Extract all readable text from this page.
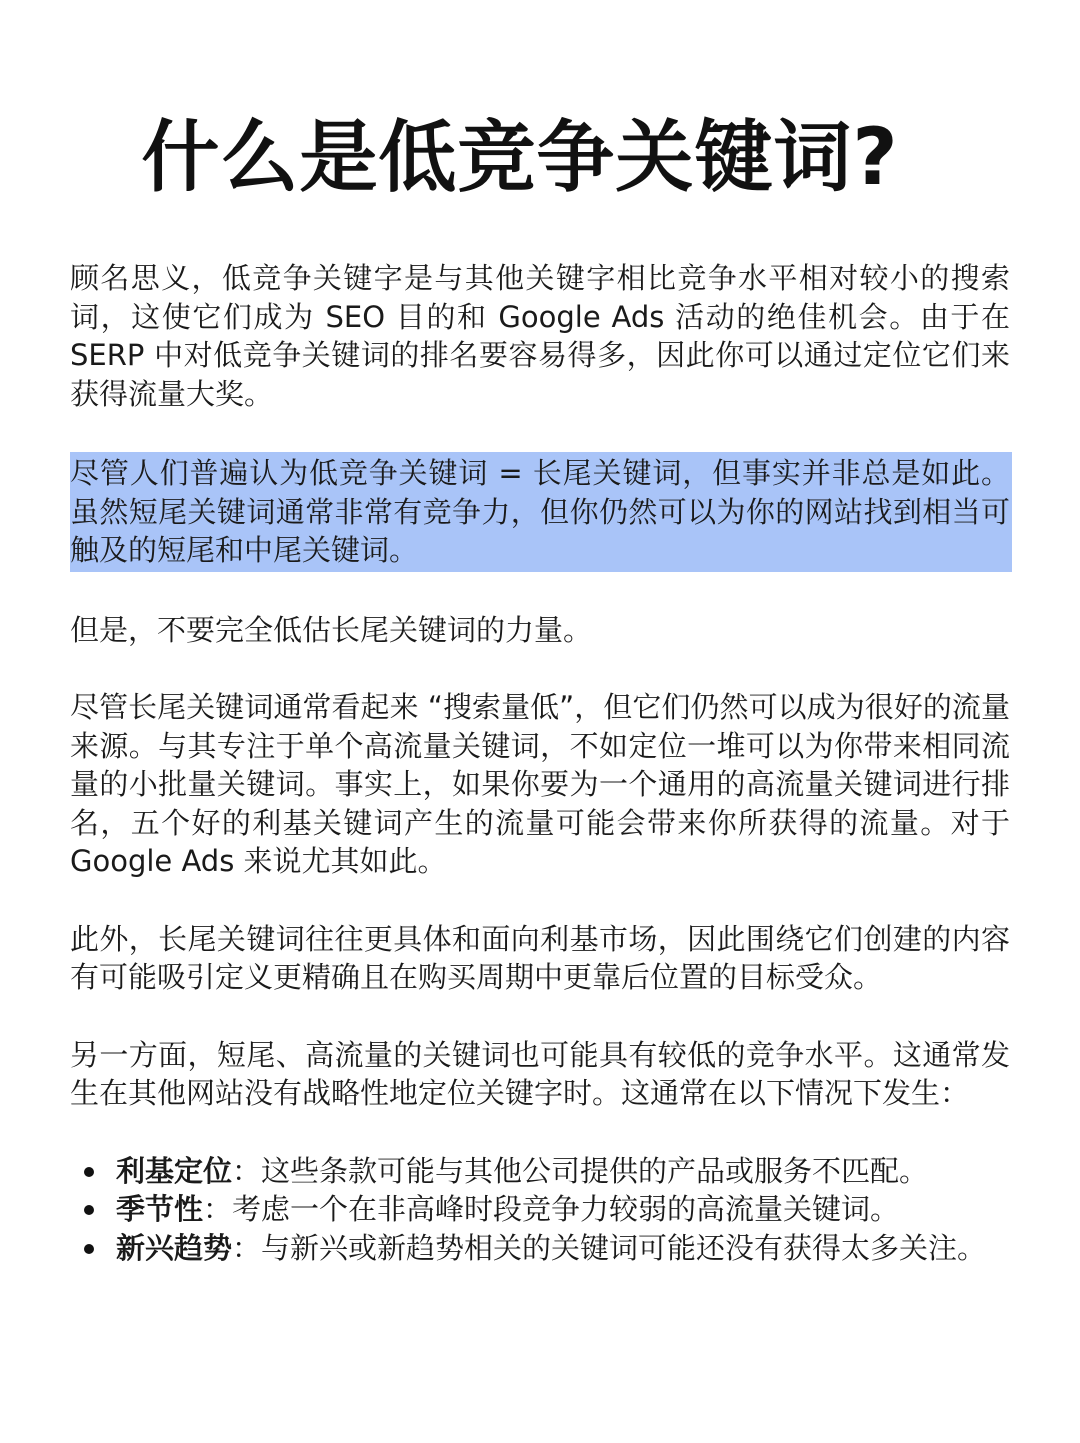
什么是低竞争关键词?

顾名思义，低竞争关键字是与其他关键字相比竞争水平相对较小的搜索词，这使它们成为 SEO 目的和 Google Ads 活动的绝佳机会。由于在 SERP 中对低竞争关键词的排名要容易得多，因此你可以通过定位它们来获得流量大奖。

尽管人们普遍认为低竞争关键词 = 长尾关键词，但事实并非总是如此。虽然短尾关键词通常非常有竞争力，但你仍然可以为你的网站找到相当可触及的短尾和中尾关键词。

但是，不要完全低估长尾关键词的力量。

尽管长尾关键词通常看起来 “搜索量低”，但它们仍然可以成为很好的流量来源。与其专注于单个高流量关键词，不如定位一堆可以为你带来相同流量的小批量关键词。事实上，如果你要为一个通用的高流量关键词进行排名，五个好的利基关键词产生的流量可能会带来你所获得的流量。对于 Google Ads 来说尤其如此。

此外，长尾关键词往往更具体和面向利基市场，因此围绕它们创建的内容有可能吸引定义更精确且在购买周期中更靠后位置的目标受众。

另一方面，短尾、高流量的关键词也可能具有较低的竞争水平。这通常发生在其他网站没有战略性地定位关键字时。这通常在以下情况下发生：

利基定位：这些条款可能与其他公司提供的产品或服务不匹配。
季节性：考虑一个在非高峰时段竞争力较弱的高流量关键词。
新兴趋势：与新兴或新趋势相关的关键词可能还没有获得太多关注。
